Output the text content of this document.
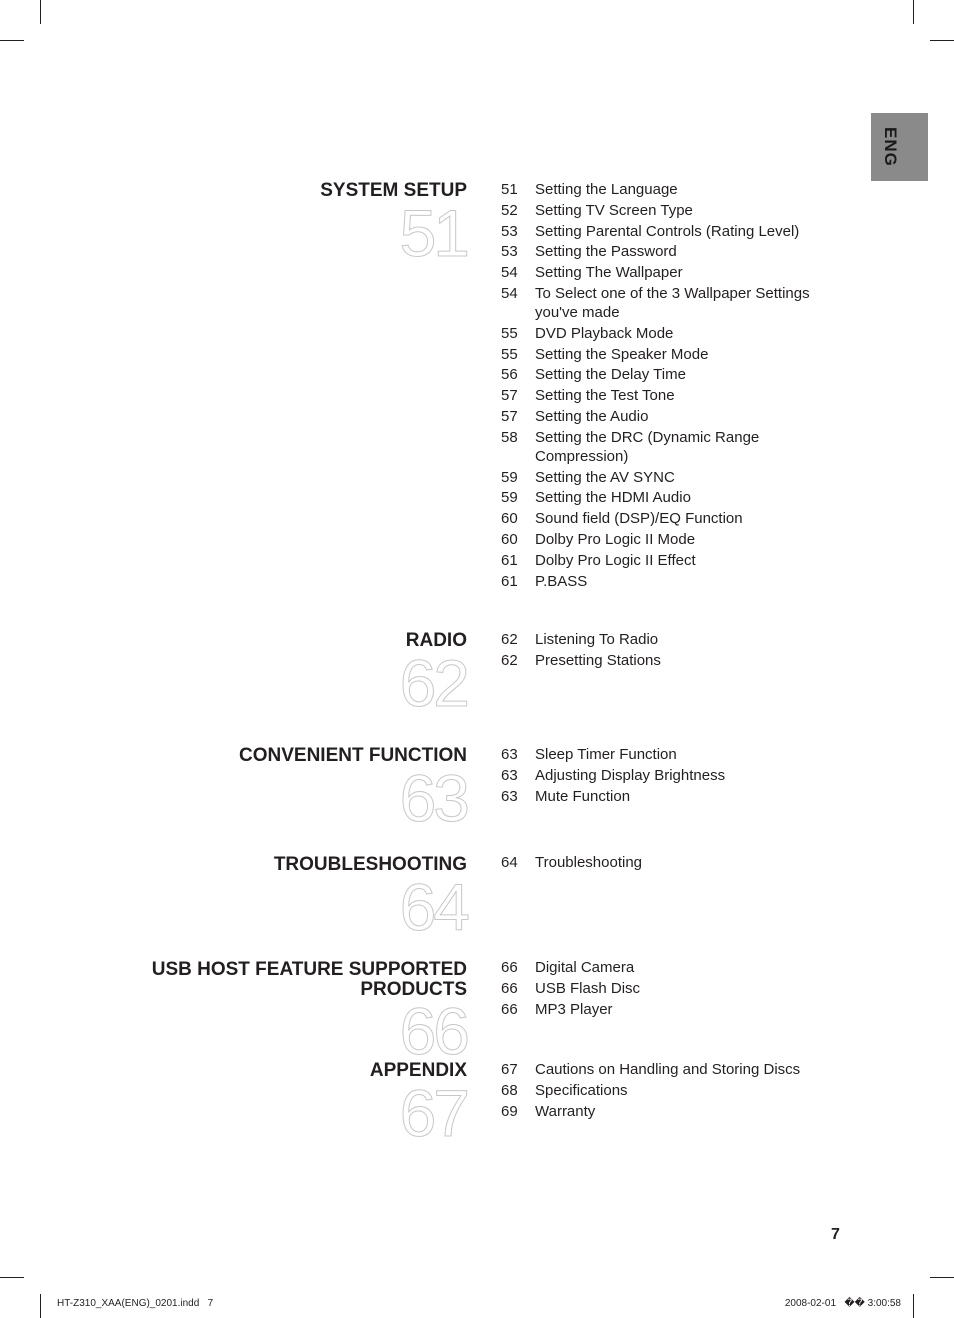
ENG
SYSTEM SETUP
51
51	Setting the Language
52	Setting TV Screen Type
53	Setting Parental Controls (Rating Level)
53	Setting the Password
54	Setting The Wallpaper
54	To Select one of the 3 Wallpaper Settings you've made
55	DVD Playback Mode
55	Setting the Speaker Mode
56	Setting the Delay Time
57	Setting the Test Tone
57	Setting the Audio
58	Setting the DRC (Dynamic Range Compression)
59	Setting the AV SYNC
59	Setting the HDMI Audio
60	Sound field (DSP)/EQ Function
60	Dolby Pro Logic II Mode
61	Dolby Pro Logic II Effect
61	P.BASS
RADIO
62
62	Listening To Radio
62	Presetting Stations
CONVENIENT FUNCTION
63
63	Sleep Timer Function
63	Adjusting Display Brightness
63	Mute Function
TROUBLESHOOTING
64
64	Troubleshooting
USB HOST FEATURE SUPPORTED PRODUCTS
66
66	Digital Camera
66	USB Flash Disc
66	MP3 Player
APPENDIX
67
67	Cautions on Handling and Storing Discs
68	Specifications
69	Warranty
7
HT-Z310_XAA(ENG)_0201.indd   7	2008-02-01   �� 3:00:58
